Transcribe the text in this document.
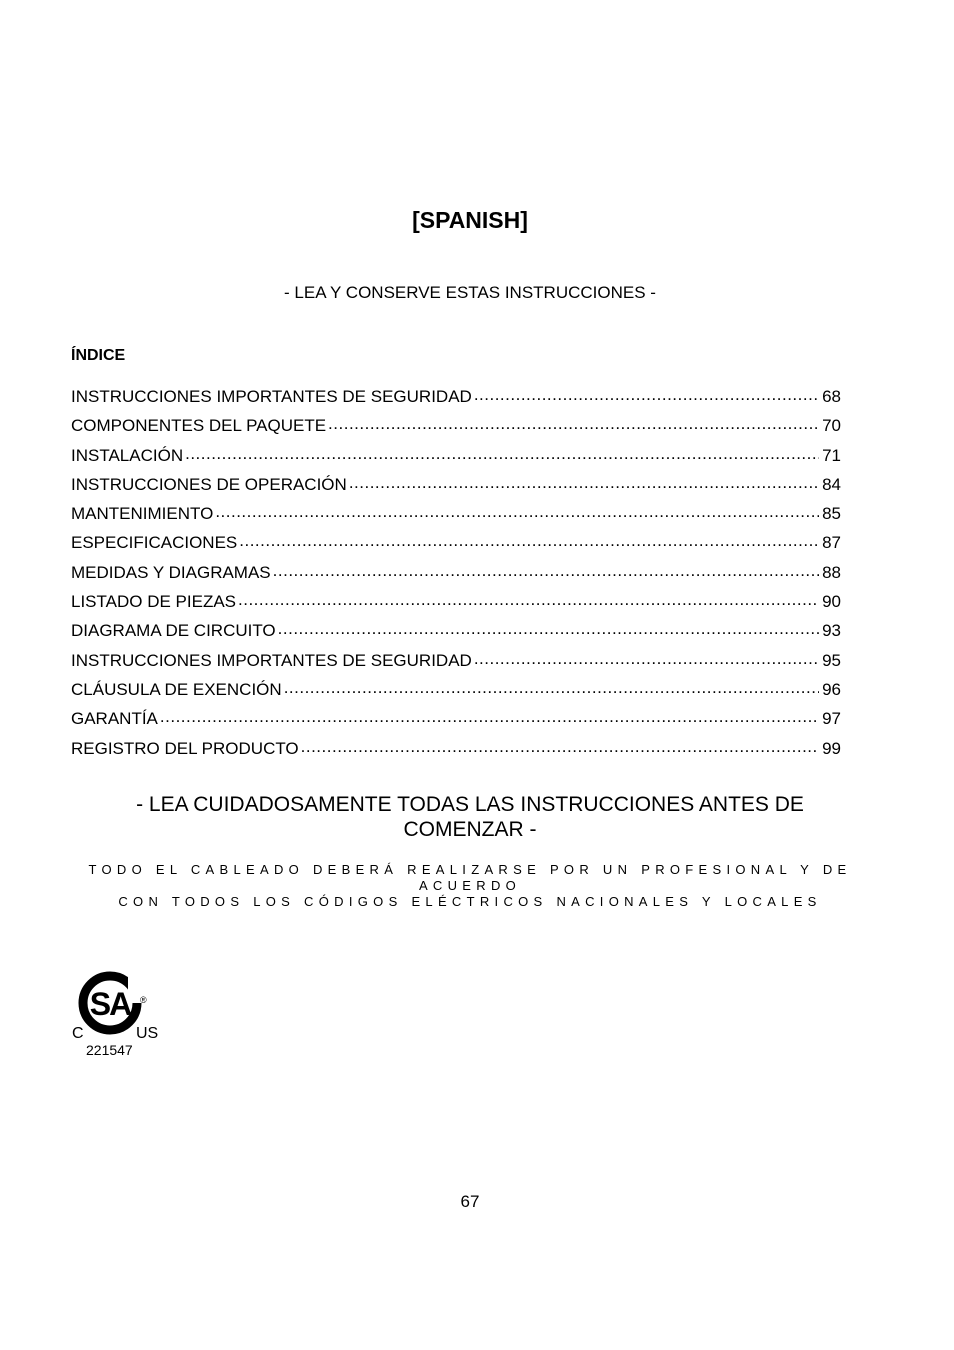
[SPANISH]
- LEA Y CONSERVE ESTAS INSTRUCCIONES -
ÍNDICE
INSTRUCCIONES IMPORTANTES DE SEGURIDAD .....	68
COMPONENTES DEL PAQUETE .....	70
INSTALACIÓN .....	71
INSTRUCCIONES DE OPERACIÓN .....	84
MANTENIMIENTO .....	85
ESPECIFICACIONES .....	87
MEDIDAS Y DIAGRAMAS .....	88
LISTADO DE PIEZAS .....	90
DIAGRAMA DE CIRCUITO .....	93
INSTRUCCIONES IMPORTANTES DE SEGURIDAD .....	95
CLÁUSULA DE EXENCIÓN .....	96
GARANTÍA .....	97
REGISTRO DEL PRODUCTO .....	99
- LEA CUIDADOSAMENTE TODAS LAS INSTRUCCIONES ANTES DE COMENZAR -
TODO EL CABLEADO DEBERÁ REALIZARSE POR UN PROFESIONAL Y DE ACUERDO
CON TODOS LOS CÓDIGOS ELÉCTRICOS NACIONALES Y LOCALES
SA ®
C	US
221547
67
